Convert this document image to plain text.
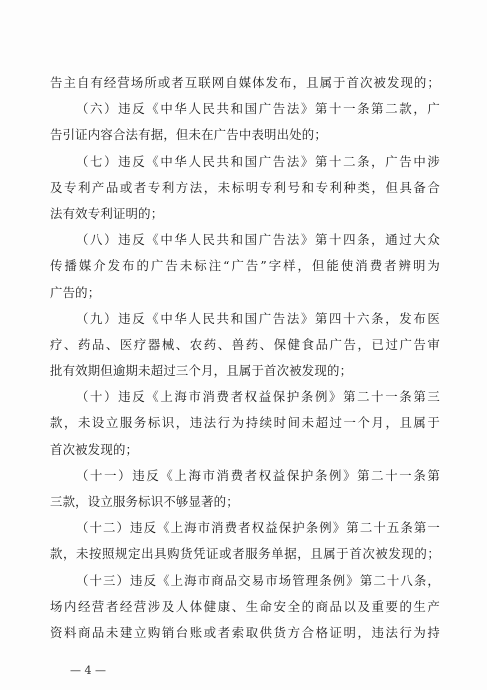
告主自有经营场所或者互联网自媒体发布，且属于首次被发现的；
（六）违反《中华人民共和国广告法》第十一条第二款，广
告引证内容合法有据，但未在广告中表明出处的；
（七）违反《中华人民共和国广告法》第十二条，广告中涉
及专利产品或者专利方法，未标明专利号和专利种类，但具备合
法有效专利证明的；
（八）违反《中华人民共和国广告法》第十四条，通过大众
传播媒介发布的广告未标注“广告”字样，但能使消费者辨明为
广告的；
（九）违反《中华人民共和国广告法》第四十六条，发布医
疗、药品、医疗器械、农药、兽药、保健食品广告，已过广告审
批有效期但逾期未超过三个月，且属于首次被发现的；
（十）违反《上海市消费者权益保护条例》第二十一条第三
款，未设立服务标识，违法行为持续时间未超过一个月，且属于
首次被发现的；
（十一）违反《上海市消费者权益保护条例》第二十一条第
三款，设立服务标识不够显著的；
（十二）违反《上海市消费者权益保护条例》第二十五条第一
款，未按照规定出具购货凭证或者服务单据，且属于首次被发现的；
（十三）违反《上海市商品交易市场管理条例》第二十八条，
场内经营者经营涉及人体健康、生命安全的商品以及重要的生产
资料商品未建立购销台账或者索取供货方合格证明，违法行为持
— 4 —
